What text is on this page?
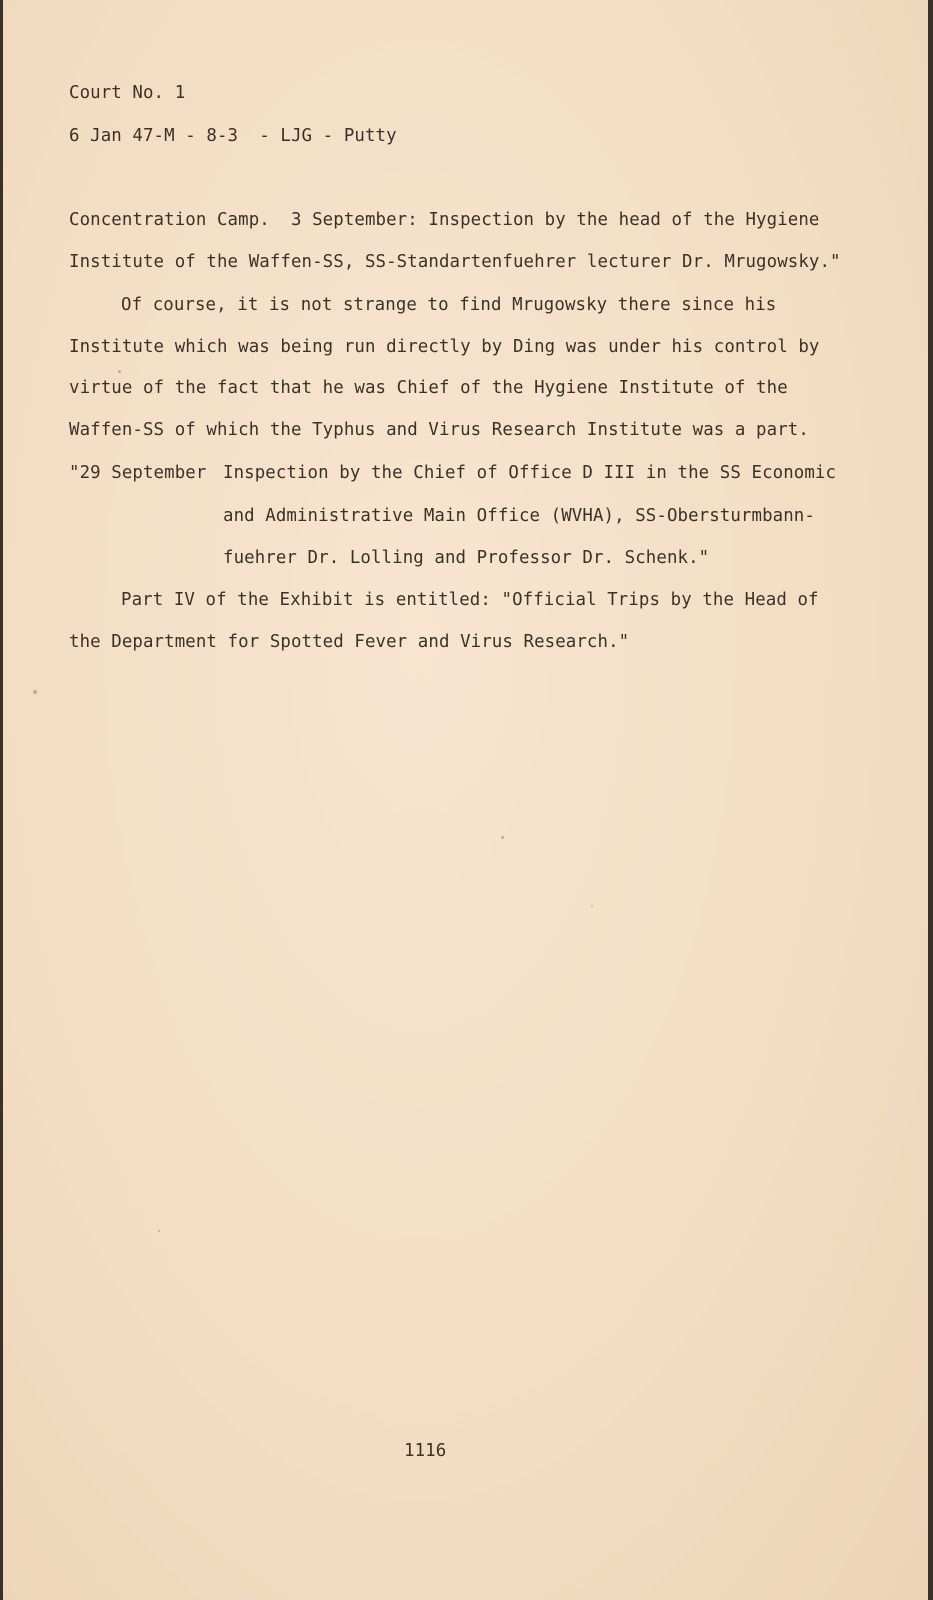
Court No. 1
6 Jan 47-M - 8-3  - LJG - Putty
Concentration Camp.  3 September: Inspection by the head of the Hygiene
Institute of the Waffen-SS, SS-Standartenfuehrer lecturer Dr. Mrugowsky."
Of course, it is not strange to find Mrugowsky there since his
Institute which was being run directly by Ding was under his control by
virtue of the fact that he was Chief of the Hygiene Institute of the
Waffen-SS of which the Typhus and Virus Research Institute was a part.
"29 September Inspection by the Chief of Office D III in the SS Economic
and Administrative Main Office (WVHA), SS-Obersturmbann-
fuehrer Dr. Lolling and Professor Dr. Schenk."
Part IV of the Exhibit is entitled: "Official Trips by the Head of
the Department for Spotted Fever and Virus Research."
1116
